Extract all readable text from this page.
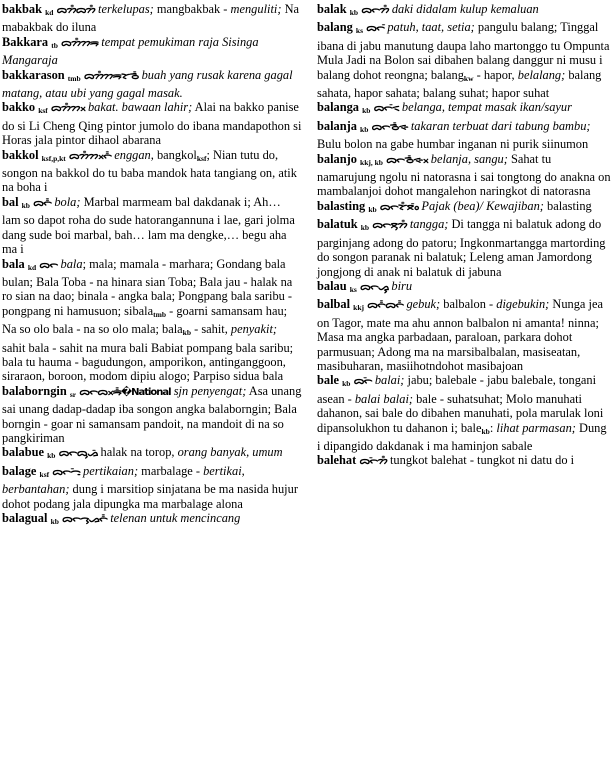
bakbak kd ᯅᯂ᯦ᯅᯂ᯦ terkelupas; mangbakbak - menguliti; Na mabakbak do iluna
Bakkara tb ᯅᯂ᯦ᯂᯒ tempat pemukiman raja Sisinga Mangaraja
bakkarason tmb ᯅᯂ᯦ᯂᯒᯘᯉ᯦ buah yang rusak karena gagal matang, atau ubi yang gagal masak.
bakko ksf ᯅᯂ᯦ᯂᯬ bakat. bawaan lahir; Alai na bakko panise do si Li Cheng Qing pintor jumolo do ibana mandapothon si Horas jala pintor dihaol abarana
bakkol ksf,p,kt ᯅᯂ᯦ᯂᯬᯞ᯦ enggan, bangkolksf; Nian tutu do, songon na bakkol do tu baba mandok hata tangiang on, atik na boha i
bal kb ᯅᯞ᯦ bola; Marbal marmeam bal dakdanak i; Ah… lam so dapot roha do sude hatorangannuna i lae, gari jolma dang sude boi marbal, bah… lam ma dengke,… begu aha ma i
bala kd ᯅᯞ bala; mala; mamala - marhara; Gondang bala bulan; Bala Toba - na hinara sian Toba; Bala jau - halak na ro sian na dao; binala - angka bala; Pongpang bala saribu - pongpang ni hamusuon; sibalatmb - goarni samansam hau; Na so olo bala - na so olo mala; balakb - sahit, penyakit; sahit bala - sahit na mura bali Babiat pompang bala saribu; bala tu hauma - bagudungon, amporikon, antinganggoon, siraraon, boroon, modom dipiu alogo; Parpiso sidua bala
balaborngin sr ᯅᯞᯅᯬᯒ᯦�National sjn penyengat; Asa unang sai unang dadap-dadap iba songon angka balaborngin; Bala borngin - goar ni samansam pandoit, na mandoit di na so pangkiriman
balabue kb ᯅᯞᯅᯮᯀᯩ halak na torop, orang banyak, umum
balage ksf ᯅᯞᯏᯩ pertikaian; marbalage - bertikai, berbantahan; dung i marsitiop sinjatana be ma nasida hujur dohot podang jala dipungka ma marbalage alona
balagual kb ᯅᯞᯎᯮᯀᯞ᯦ telenan untuk mencincang
balak kb ᯅᯞᯂ᯦ daki didalam kulup kemaluan
balang ks ᯅᯞᯰ patuh, taat, setia; pangulu balang; Tinggal ibana di jabu manutung daupa laho martonggo tu Ompunta Mula Jadi na Bolon sai dibahen balang danggur ni musu i balang dohot reongna; balangkw - hapor, belalang; balang sahata, hapor sahata; balang suhat; hapor suhat
balanga kb ᯅᯞᯰᯑ belanga, tempat masak ikan/sayur
balanja kb ᯅᯞᯉ᯦ᯐ takaran terbuat dari tabung bambu; Bulu bolon na gabe humbar inganan ni purik siinumon
balanjo kkj, kb ᯅᯞᯉ᯦ᯐᯬ belanja, sangu; Sahat tu namarujung ngolu ni natorasna i sai tongtong do anakna on mambalanjoi dohot mangalehon naringkot di natorasna
balasting kb ᯅᯞᯘ᯦ᯖᯪᯰ Pajak (bea)/ Kewajiban; balasting
balatuk kb ᯅᯞᯖᯮᯂ᯦ tangga; Di tangga ni balatuk adong do parginjang adong do patoru; Ingkonmartangga martording do songon paranak ni balatuk; Leleng aman Jamordong jongjong di anak ni balatuk di jabuna
balau ks ᯅᯞᯀᯮ biru
balbal kkj ᯅᯞ᯦ᯅᯞ᯦ gebuk; balbalon - digebukin; Nunga jea on Tagor, mate ma ahu annon balbalon ni amanta! ninna; Masa ma angka parbadaan, paraloan, parkara dohot parmusuan; Adong ma na marsibalbalan, masiseatan, masibuharan, masiihotndohot masibajoan
bale kb ᯅᯞᯩ balai; jabu; balebale - jabu balebale, tongani asean - balai balai; bale - suhatsuhat; Molo manuhati dahanon, sai bale do dibahen manuhati, pola marulak loni dipansolukhon tu dahanon i; balekb: lihat parmasan; Dung i dipangido dakdanak i ma haminjon sabale
balehat ᯅᯞᯩᯂ᯦ tungkot balehat - tungkot ni datu do i
